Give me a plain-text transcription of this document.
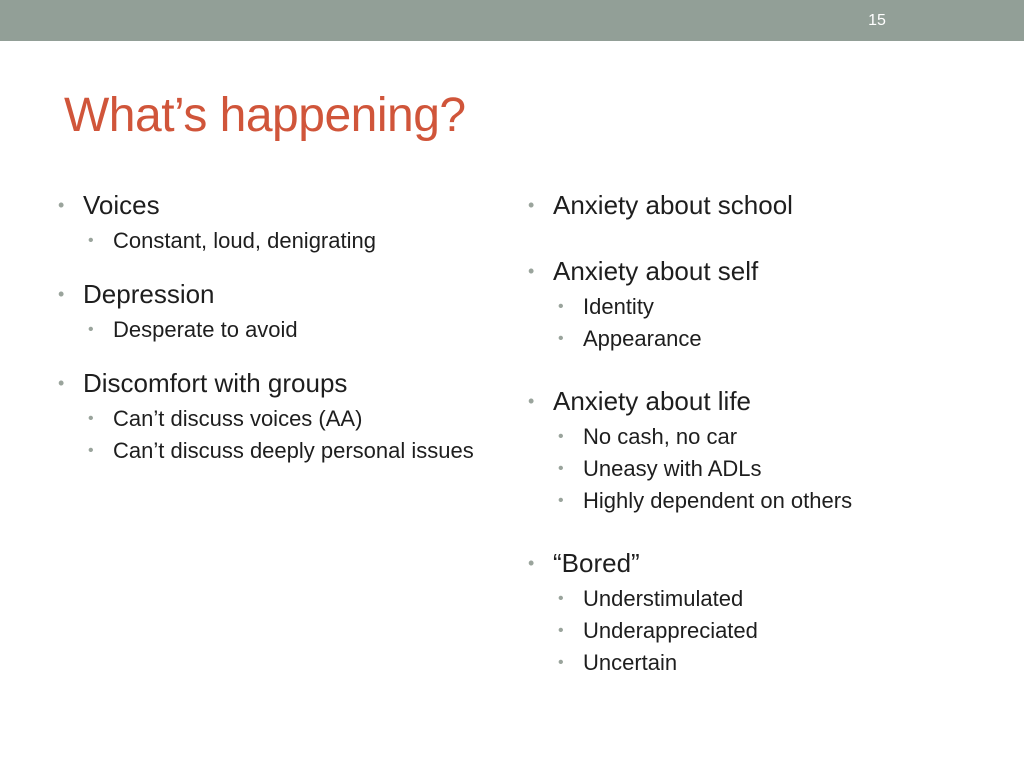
15
What’s happening?
• Voices
• Constant, loud, denigrating
• Depression
• Desperate to avoid
• Discomfort with groups
• Can’t discuss voices (AA)
• Can’t discuss deeply personal issues
• Anxiety about school
• Anxiety about self
• Identity
• Appearance
• Anxiety about life
• No cash, no car
• Uneasy with ADLs
• Highly dependent on others
• “Bored”
• Understimulated
• Underappreciated
• Uncertain
